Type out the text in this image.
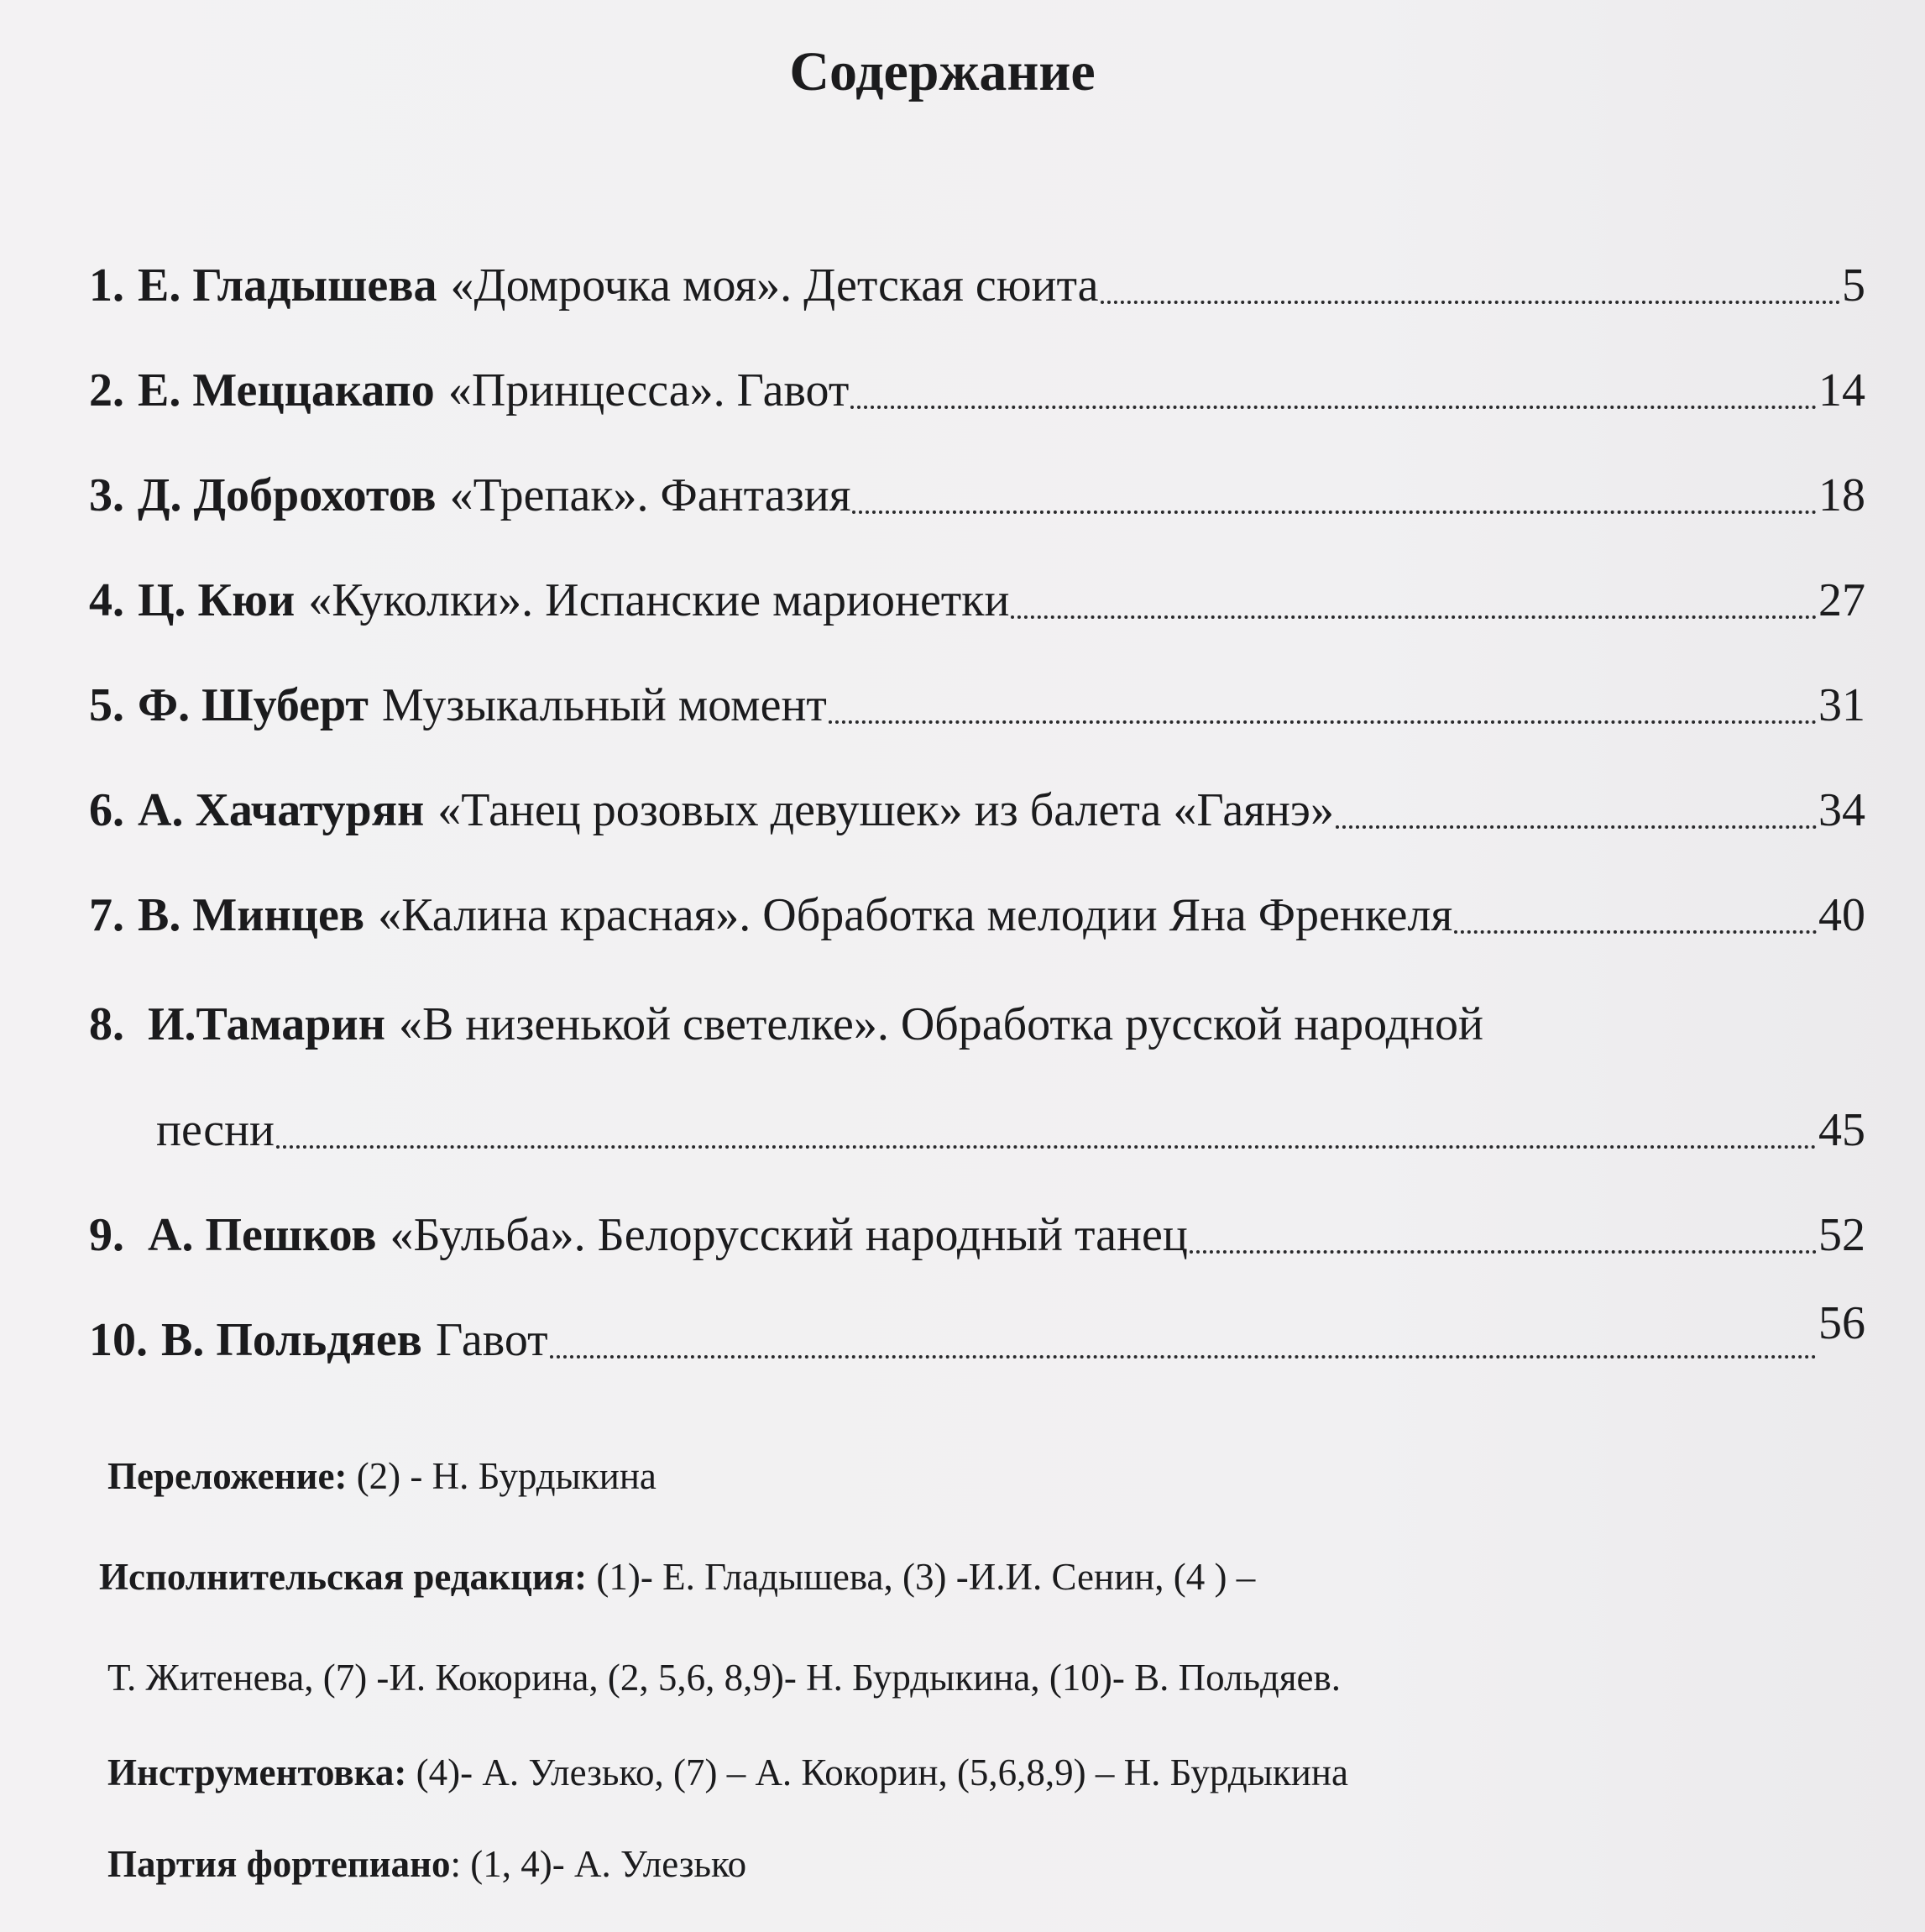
Содержание
1. Е. Гладышева «Домрочка моя». Детская сюита	5
2. Е. Меццакапо «Принцесса». Гавот	14
3. Д. Доброхотов «Трепак». Фантазия	18
4. Ц. Кюи «Куколки». Испанские марионетки	27
5. Ф. Шуберт Музыкальный момент	31
6. А. Хачатурян «Танец розовых девушек» из балета «Гаянэ»	34
7. В. Минцев «Калина красная». Обработка мелодии Яна Френкеля	40
8. И.Тамарин «В низенькой светелке». Обработка русской народной
песни	45
9. А. Пешков «Бульба». Белорусский народный танец	52
10. В. Польдяев Гавот	56
Переложение: (2) - Н. Бурдыкина
Исполнительская редакция: (1)- Е. Гладышева, (3) -И.И. Сенин, (4 ) –
Т. Житенева, (7) -И. Кокорина, (2, 5,6, 8,9)- Н. Бурдыкина, (10)- В. Польдяев.
Инструментовка: (4)- А. Улезько, (7) – А. Кокорин, (5,6,8,9) – Н. Бурдыкина
Партия фортепиано: (1, 4)- А. Улезько
